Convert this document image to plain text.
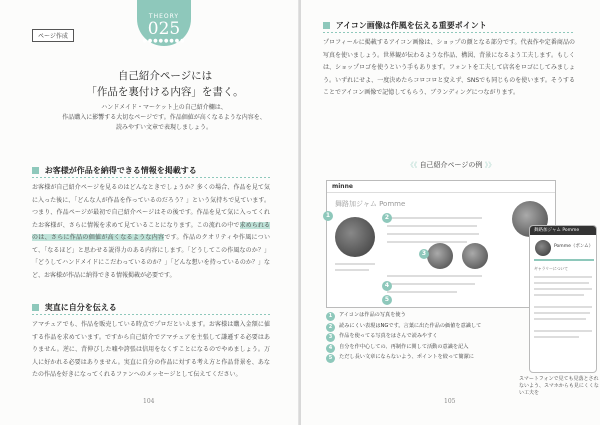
THEORY
025
●●●●●●●●
ページ作成
自己紹介ページには
「作品を裏付ける内容」を書く。
ハンドメイド・マーケット上の自己紹介欄は、
作品購入に影響する大切なページです。作品価値が高くなるような内容を、
読みやすい文章で表現しましょう。
お客様が作品を納得できる情報を掲載する

お客様が自己紹介ページを見るのはどんなときでしょうか？多くの場合、作品を見て気に入った後に、「どんな人が作品を作っているのだろう？」という気持ちで見ています。つまり、作品ページが最初で自己紹介ページはその後です。作品を見て気に入ってくれたお客様が、さらに情報を求めて見ていることになります。この流れの中で求められるのは、さらに作品の価値が高くなるような内容です。作品のクオリティや作風について、「なるほど」と思わせる説得力のある内容にします。「どうしてこの作風なのか？」「どうしてハンドメイドにこだわっているのか？」「どんな想いを持っているのか？」など、お客様が作品に納得できる情報掲載が必要です。

実直に自分を伝える

アマチュアでも、作品を販売している時点でプロだといえます。お客様は購入金額に値する作品を求めています。ですから自己紹介でアマチュアを主張して謙遜する必要はありません。逆に、背伸びした嘘や誇張は信用をなくすことになるのでやめましょう。万人に好かれる必要はありません。実直に自分の作品に対する考え方と作品背景を、あなたの作品を好きになってくれるファンへのメッセージとして伝えてください。

104
アイコン画像は作風を伝える重要ポイント

プロフィールに掲載するアイコン画像は、ショップの顔となる部分です。代表作や定番商品の写真を使いましょう。世界観が伝わるような作品、構図、背景になるよう工夫します。もしくは、ショップロゴを使うという手もあります。フォントを工夫して店名をロゴにしてみましょう。いずれにせよ、一度決めたらコロコロと変えず、SNSでも同じものを使います。そうすることでアイコン画像で記憶してもらう、ブランディングにつながります。

《《 自己紹介ページの例 》》
minne
舞路加ジャム Pomme
1	2
3
4
5
舞路加ジャム Pomme
Pomme（ポンム）
ギャラリーについて
1	アイコンは作品の写真を使う
2	読みにくい表現はNGです。言葉に出た作品の価値を意識して
3	作品を使ってる写真をはさんで読みやすく
4	自分を作中心しての、再制作に関して活動の意識を記入
5	ただし長い文章にならないよう、ポイントを絞って簡潔に
スマートフォンで見ても見落とされないよう、スマホからも見にくくない工夫を
105
